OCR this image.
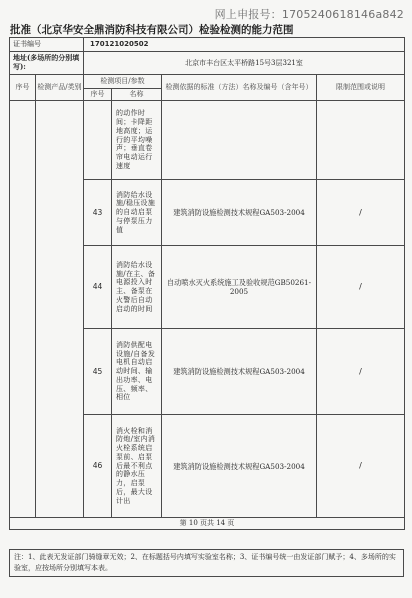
网上申报号：1705240618146a842
批准（北京华安全鼎消防科技有限公司）检验检测的能力范围
证书编号		170121020502			
地址(多场所的分别填写):		北京市丰台区太平桥路15号3层321室			
序号	检测产品/类别	检测项目/参数		检测依据的标准（方法）名称及编号（含年号）	限制范围或说明
		序号	名称		
			的动作时间；卡降距地高度；运行的平均噪声；垂直卷帘电动运行速度		
		43	消防给水设施/稳压设施的自动启泵与停泵压力值	建筑消防设施检测技术规程GA503-2004	/
		44	消防给水设施/在主、备电源投入时主、备泵在火警后自动启动的时间	自动喷水灭火系统施工及验收规范GB50261-2005	/
		45	消防供配电设施/自备发电机自动启动时间、输出功率、电压、频率、相位	建筑消防设施检测技术规程GA503-2004	/
		46	消火栓和消防炮/室内消火栓系统启泵前、启泵后最不利点的静水压力，启泵后，最大设计出	建筑消防设施检测技术规程GA503-2004	/
第 10 页共 14 页					
注：1、此表无发证部门骑缝章无效；2、在标题括号内填写实验室名称；3、证书编号统一由发证部门赋予；4、多场所的实验室，应按场所分别填写本表。
